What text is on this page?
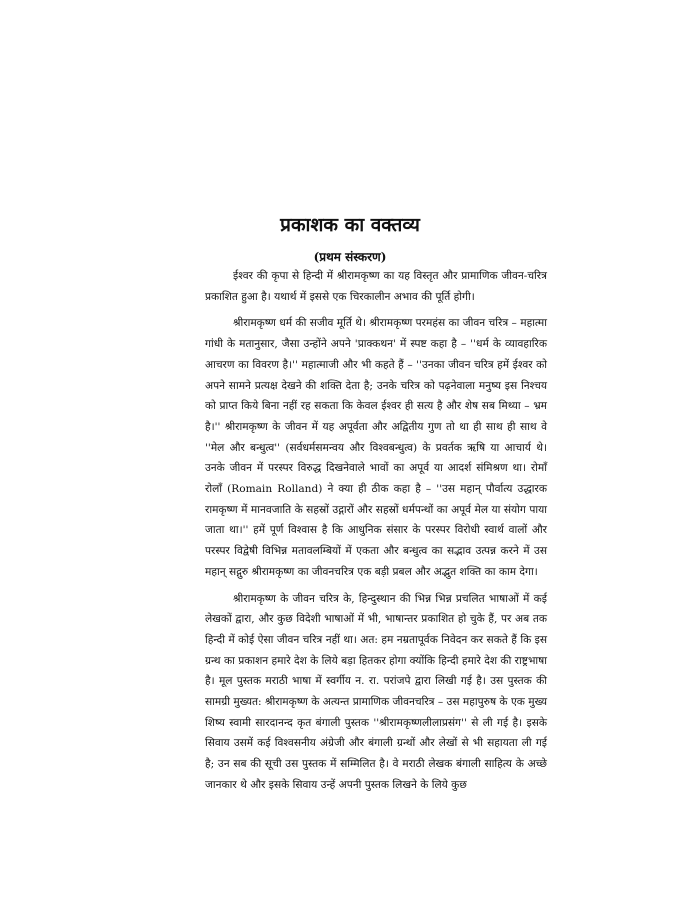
प्रकाशक का वक्तव्य
(प्रथम संस्करण)

ईश्वर की कृपा से हिन्दी में श्रीरामकृष्ण का यह विस्तृत और प्रामाणिक जीवन-चरित्र प्रकाशित हुआ है। यथार्थ में इससे एक चिरकालीन अभाव की पूर्ति होगी।

श्रीरामकृष्ण धर्म की सजीव मूर्ति थे। श्रीरामकृष्ण परमहंस का जीवन चरित्र – महात्मा गांधी के मतानुसार, जैसा उन्होंने अपने 'प्राक्कथन' में स्पष्ट कहा है – ''धर्म के व्यावहारिक आचरण का विवरण है।'' महात्माजी और भी कहते हैं – ''उनका जीवन चरित्र हमें ईश्वर को अपने सामने प्रत्यक्ष देखने की शक्ति देता है; उनके चरित्र को पढ़नेवाला मनुष्य इस निश्चय को प्राप्त किये बिना नहीं रह सकता कि केवल ईश्वर ही सत्य है और शेष सब मिथ्या – भ्रम है।'' श्रीरामकृष्ण के जीवन में यह अपूर्वता और अद्वितीय गुण तो था ही साथ ही साथ वे ''मेल और बन्धुत्व'' (सर्वधर्मसमन्वय और विश्वबन्धुत्व) के प्रवर्तक ऋषि या आचार्य थे। उनके जीवन में परस्पर विरुद्ध दिखनेवाले भावों का अपूर्व या आदर्श संमिश्रण था। रोमाँ रोलाँ (Romain Rolland) ने क्या ही ठीक कहा है – ''उस महान् पौर्वात्य उद्धारक रामकृष्ण में मानवजाति के सहस्रों उद्गारों और सहस्रों धर्मपन्थों का अपूर्व मेल या संयोग पाया जाता था।'' हमें पूर्ण विश्वास है कि आधुनिक संसार के परस्पर विरोधी स्वार्थ वालों और परस्पर विद्वेषी विभिन्न मतावलम्बियों में एकता और बन्धुत्व का सद्भाव उत्पन्न करने में उस महान् सद्गुरु श्रीरामकृष्ण का जीवनचरित्र एक बड़ी प्रबल और अद्भुत शक्ति का काम देगा।

श्रीरामकृष्ण के जीवन चरित्र के, हिन्दुस्थान की भिन्न भिन्न प्रचलित भाषाओं में कई लेखकों द्वारा, और कुछ विदेशी भाषाओं में भी, भाषान्तर प्रकाशित हो चुके हैं, पर अब तक हिन्दी में कोई ऐसा जीवन चरित्र नहीं था। अत: हम नम्रतापूर्वक निवेदन कर सकते हैं कि इस ग्रन्थ का प्रकाशन हमारे देश के लिये बड़ा हितकर होगा क्योंकि हिन्दी हमारे देश की राष्ट्रभाषा है। मूल पुस्तक मराठी भाषा में स्वर्गीय न. रा. परांजपे द्वारा लिखी गई है। उस पुस्तक की सामग्री मुख्यत: श्रीरामकृष्ण के अत्यन्त प्रामाणिक जीवनचरित्र – उस महापुरुष के एक मुख्य शिष्य स्वामी सारदानन्द कृत बंगाली पुस्तक ''श्रीरामकृष्णलीलाप्रसंग'' से ली गई है। इसके सिवाय उसमें कई विश्वसनीय अंग्रेजी और बंगाली ग्रन्थों और लेखों से भी सहायता ली गई है; उन सब की सूची उस पुस्तक में सम्मिलित है। वे मराठी लेखक बंगाली साहित्य के अच्छे जानकार थे और इसके सिवाय उन्हें अपनी पुस्तक लिखने के लिये कुछ
